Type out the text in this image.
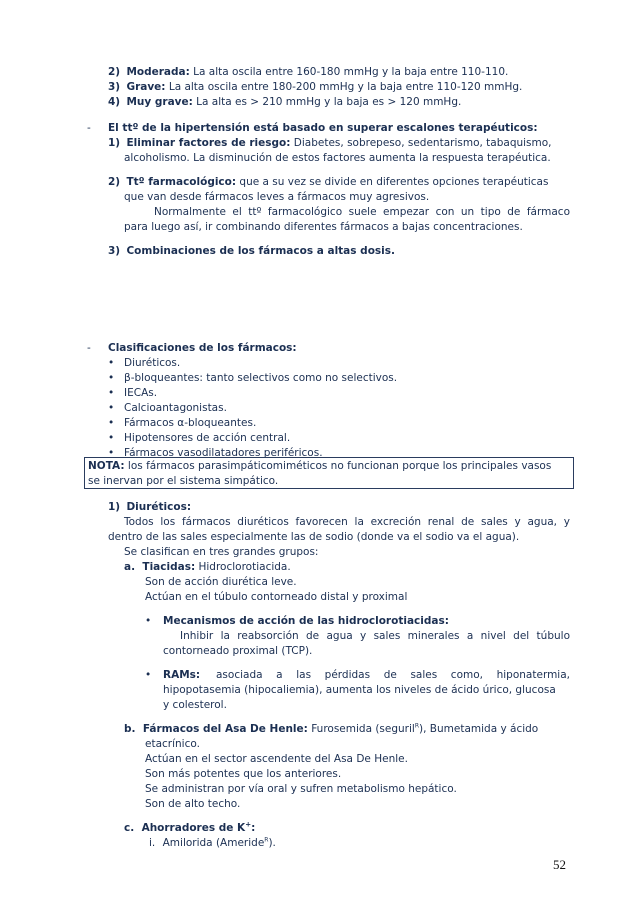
2) Moderada: La alta oscila entre 160-180 mmHg y la baja entre 110-110.
3) Grave: La alta oscila entre 180-200 mmHg y la baja entre 110-120 mmHg.
4) Muy grave: La alta es > 210 mmHg y la baja es > 120 mmHg.
- El ttº de la hipertensión está basado en superar escalones terapéuticos:
1) Eliminar factores de riesgo: Diabetes, sobrepeso, sedentarismo, tabaquismo,
alcoholismo. La disminución de estos factores aumenta la respuesta terapéutica.
2) Ttº farmacológico: que a su vez se divide en diferentes opciones terapéuticas
que van desde fármacos leves a fármacos muy agresivos.
Normalmente el ttº farmacológico suele empezar con un tipo de fármaco
para luego así, ir combinando diferentes fármacos a bajas concentraciones.
3) Combinaciones de los fármacos a altas dosis.
- Clasificaciones de los fármacos:
• Diuréticos.
• β-bloqueantes: tanto selectivos como no selectivos.
• IECAs.
• Calcioantagonistas.
• Fármacos α-bloqueantes.
• Hipotensores de acción central.
• Fármacos vasodilatadores periféricos.
NOTA: los fármacos parasimpáticomiméticos no funcionan porque los principales vasos
se inervan por el sistema simpático.
1) Diuréticos:
Todos los fármacos diuréticos favorecen la excreción renal de sales y agua, y
dentro de las sales especialmente las de sodio (donde va el sodio va el agua).
Se clasifican en tres grandes grupos:
a. Tiacidas: Hidroclorotiacida.
Son de acción diurética leve.
Actúan en el túbulo contorneado distal y proximal
• Mecanismos de acción de las hidroclorotiacidas:
Inhibir la reabsorción de agua y sales minerales a nivel del túbulo
contorneado proximal (TCP).
• RAMs: asociada a las pérdidas de sales como, hiponatermia,
hipopotasemia (hipocaliemia), aumenta los niveles de ácido úrico, glucosa
y colesterol.
b. Fármacos del Asa De Henle: Furosemida (seguril$^R$), Bumetamida y ácido
etacrínico.
Actúan en el sector ascendente del Asa De Henle.
Son más potentes que los anteriores.
Se administran por vía oral y sufren metabolismo hepático.
Son de alto techo.
c. Ahorradores de K+:
i. Amilorida (Ameride$^R$).
52
